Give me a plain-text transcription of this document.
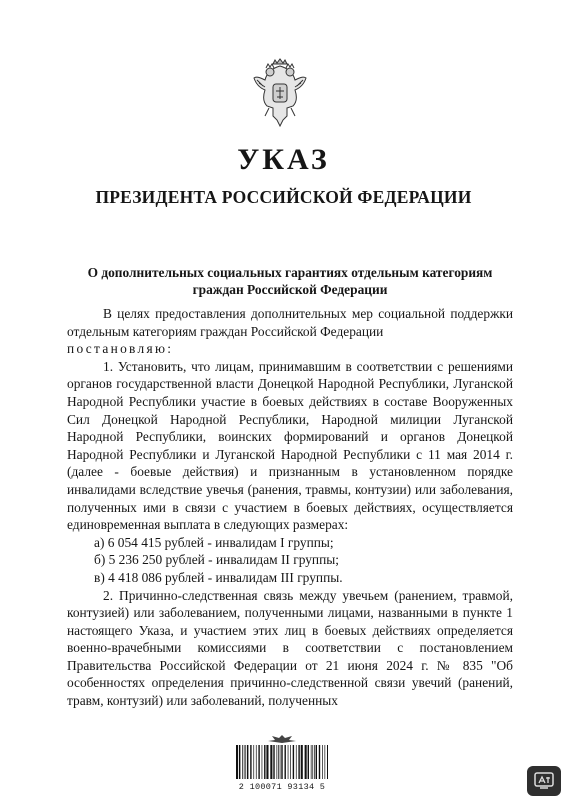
УКАЗ
ПРЕЗИДЕНТА РОССИЙСКОЙ ФЕДЕРАЦИИ
О дополнительных социальных гарантиях отдельным категориям граждан Российской Федерации

В целях предоставления дополнительных мер социальной поддержки отдельным категориям граждан Российской Федерации

постановляю:

1. Установить, что лицам, принимавшим в соответствии с решениями органов государственной власти Донецкой Народной Республики, Луганской Народной Республики участие в боевых действиях в составе Вооруженных Сил Донецкой Народной Республики, Народной милиции Луганской Народной Республики, воинских формирований и органов Донецкой Народной Республики и Луганской Народной Республики с 11 мая 2014 г. (далее - боевые действия) и признанным в установленном порядке инвалидами вследствие увечья (ранения, травмы, контузии) или заболевания, полученных ими в связи с участием в боевых действиях, осуществляется единовременная выплата в следующих размерах:

а) 6 054 415 рублей - инвалидам I группы;

б) 5 236 250 рублей - инвалидам II группы;

в) 4 418 086 рублей - инвалидам III группы.

2. Причинно-следственная связь между увечьем (ранением, травмой, контузией) или заболеванием, полученными лицами, названными в пункте 1 настоящего Указа, и участием этих лиц в боевых действиях определяется военно-врачебными комиссиями в соответствии с постановлением Правительства Российской Федерации от 21 июня 2024 г. № 835 "Об особенностях определения причинно-следственной связи увечий (ранений, травм, контузий) или заболеваний, полученных

2 100071 93134 5
